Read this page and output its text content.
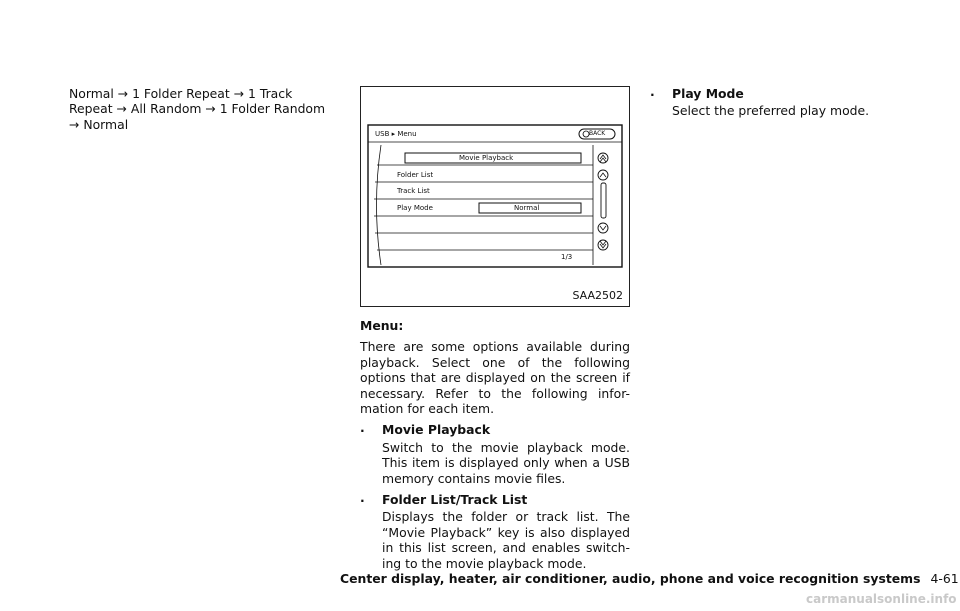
Normal → 1 Folder Repeat → 1 Track

Repeat → All Random → 1 Folder Random

→ Normal

USB ▸ Menu	BACK
Movie Playback
Folder List
Track List
Play Mode	Normal
1/3
SAA2502

Menu:

There are some options available during playback. Select one of the following options that are displayed on the screen if necessary. Refer to the following infor-mation for each item.

. Movie Playback

Switch to the movie playback mode. This item is displayed only when a USB memory contains movie files.

. Folder List/Track List

Displays the folder or track list. The “Movie Playback” key is also displayed in this list screen, and enables switch-ing to the movie playback mode.

. Play Mode

Select the preferred play mode.

Center display, heater, air conditioner, audio, phone and voice recognition systems 4-61
carmanualsonline.info
